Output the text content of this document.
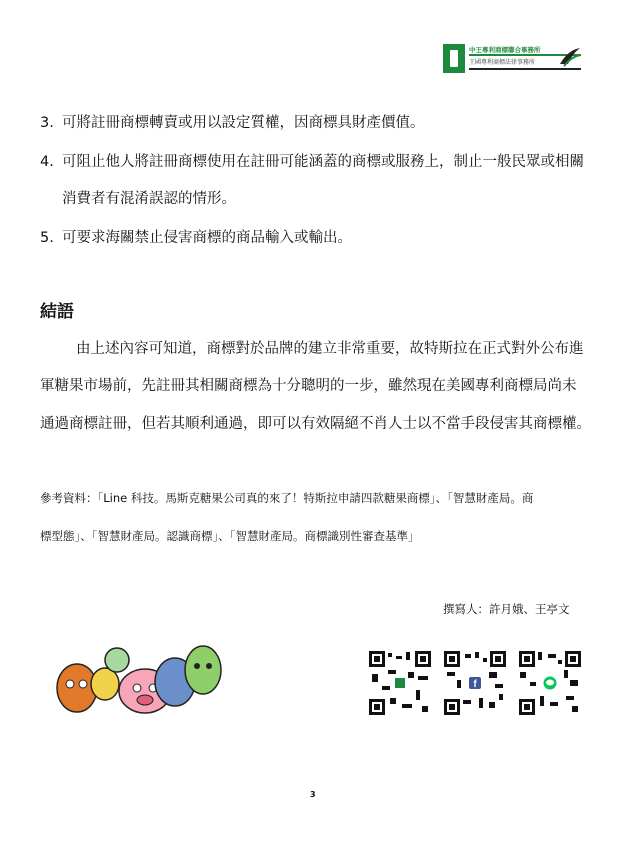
中王專利商標聯合事務所
王國專利商標法律事務所
3. 可將註冊商標轉賣或用以設定質權，因商標具財產價值。
4. 可阻止他人將註冊商標使用在註冊可能涵蓋的商標或服務上，制止一般民眾或相關
消費者有混淆誤認的情形。
5. 可要求海關禁止侵害商標的商品輸入或輸出。
結語
由上述內容可知道，商標對於品牌的建立非常重要，故特斯拉在正式對外公布進
軍糖果市場前，先註冊其相關商標為十分聰明的一步，雖然現在美國專利商標局尚未
通過商標註冊，但若其順利通過，即可以有效隔絕不肖人士以不當手段侵害其商標權。
參考資料：「Line 科技。馬斯克糖果公司真的來了！特斯拉申請四款糖果商標」、「智慧財產局。商
標型態」、「智慧財產局。認識商標」、「智慧財產局。商標識別性審查基準」
撰寫人：許月娥、王亭文
f
3
